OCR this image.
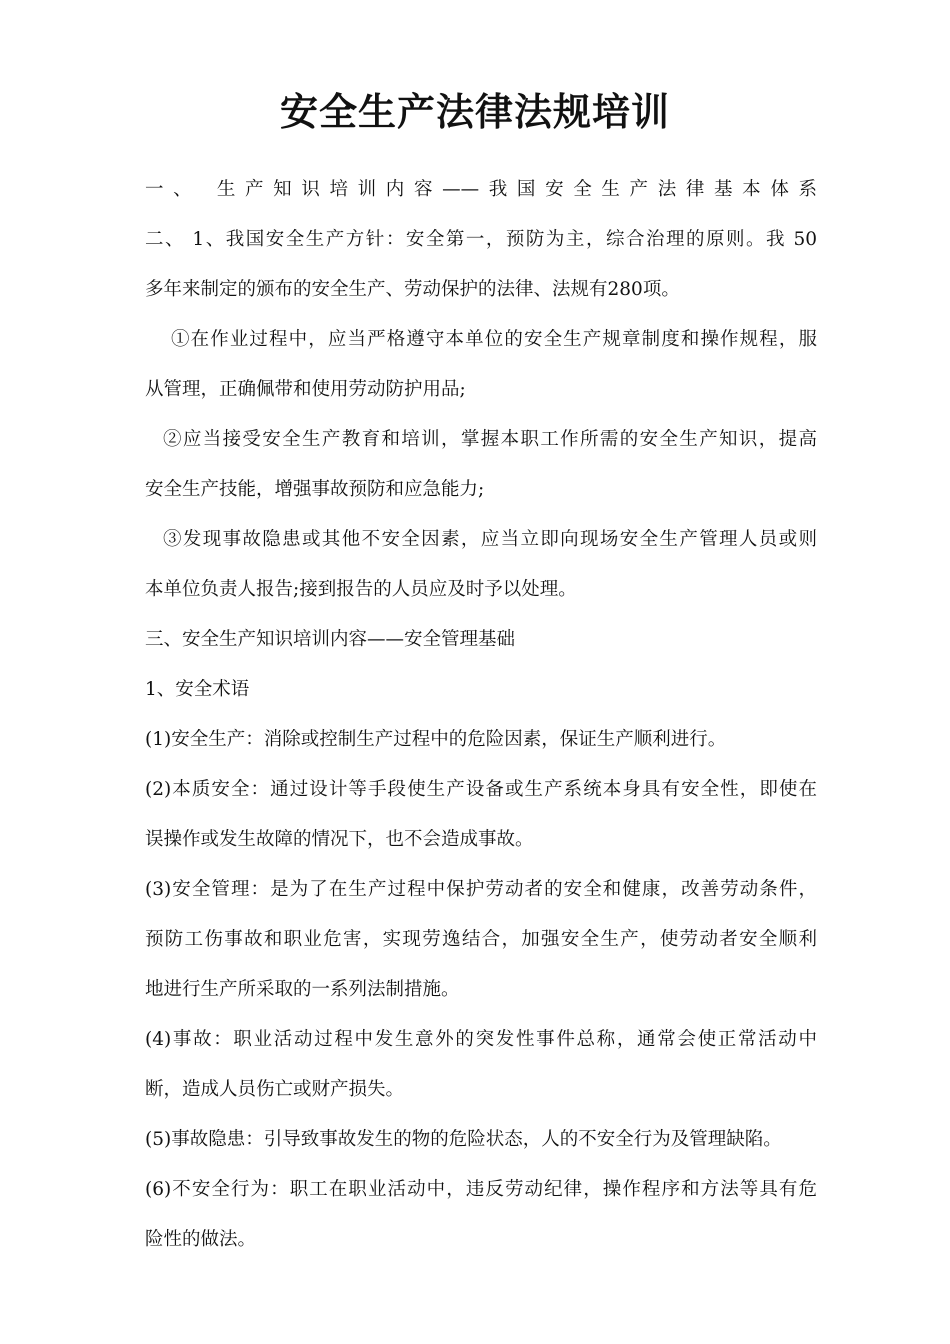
安全生产法律法规培训
一、 生产知识培训内容——我国安全生产法律基本体系
二、 1、我国安全生产方针：安全第一，预防为主，综合治理的原则。我 50
多年来制定的颁布的安全生产、劳动保护的法律、法规有280项。
①在作业过程中，应当严格遵守本单位的安全生产规章制度和操作规程，服
从管理，正确佩带和使用劳动防护用品;
②应当接受安全生产教育和培训，掌握本职工作所需的安全生产知识，提高
安全生产技能，增强事故预防和应急能力;
③发现事故隐患或其他不安全因素，应当立即向现场安全生产管理人员或则
本单位负责人报告;接到报告的人员应及时予以处理。
三、安全生产知识培训内容——安全管理基础
1、安全术语
(1)安全生产：消除或控制生产过程中的危险因素，保证生产顺利进行。
(2)本质安全：通过设计等手段使生产设备或生产系统本身具有安全性，即使在
误操作或发生故障的情况下，也不会造成事故。
(3)安全管理：是为了在生产过程中保护劳动者的安全和健康，改善劳动条件，
预防工伤事故和职业危害，实现劳逸结合，加强安全生产，使劳动者安全顺利
地进行生产所采取的一系列法制措施。
(4)事故：职业活动过程中发生意外的突发性事件总称，通常会使正常活动中
断，造成人员伤亡或财产损失。
(5)事故隐患：引导致事故发生的物的危险状态，人的不安全行为及管理缺陷。
(6)不安全行为：职工在职业活动中，违反劳动纪律，操作程序和方法等具有危
险性的做法。
